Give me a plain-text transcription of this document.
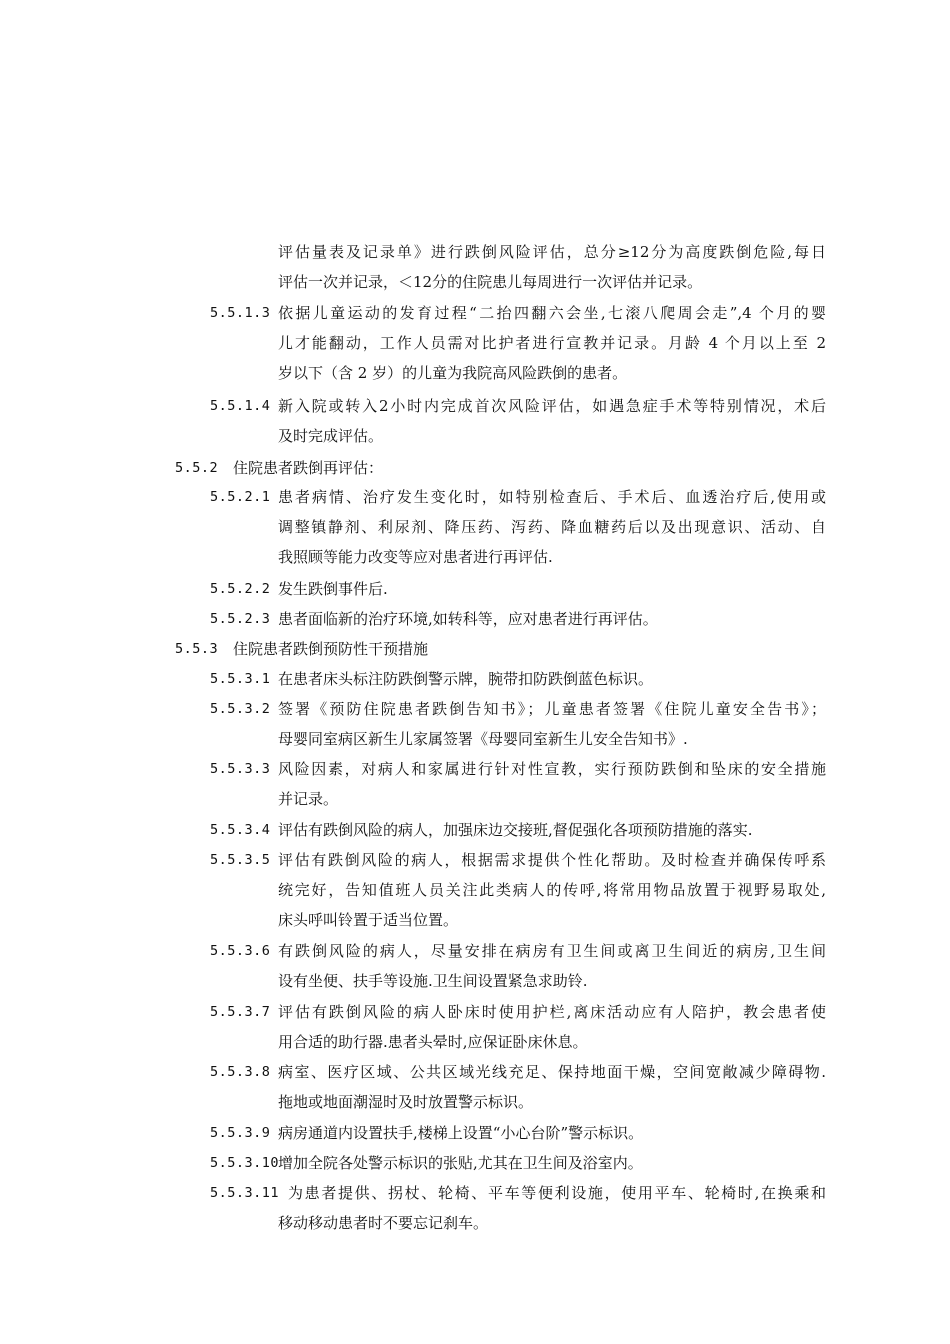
评估量表及记录单》进行跌倒风险评估，总分≥12分为高度跌倒危险,每日
评估一次并记录，＜12分的住院患儿每周进行一次评估并记录。
5.5.1.3 依据儿童运动的发育过程“二抬四翻六会坐,七滚八爬周会走”,4 个月的婴
儿才能翻动，工作人员需对比护者进行宣教并记录。月龄 4 个月以上至 2
岁以下（含 2 岁）的儿童为我院高风险跌倒的患者。
5.5.1.4 新入院或转入2小时内完成首次风险评估，如遇急症手术等特别情况，术后
及时完成评估。
5.5.2 住院患者跌倒再评估：
5.5.2.1 患者病情、治疗发生变化时，如特别检查后、手术后、血透治疗后,使用或
调整镇静剂、利尿剂、降压药、泻药、降血糖药后以及出现意识、活动、自
我照顾等能力改变等应对患者进行再评估.
5.5.2.2 发生跌倒事件后.
5.5.2.3 患者面临新的治疗环境,如转科等，应对患者进行再评估。
5.5.3 住院患者跌倒预防性干预措施
5.5.3.1 在患者床头标注防跌倒警示牌，腕带扣防跌倒蓝色标识。
5.5.3.2 签署《预防住院患者跌倒告知书》；儿童患者签署《住院儿童安全告书》；
母婴同室病区新生儿家属签署《母婴同室新生儿安全告知书》.
5.5.3.3 风险因素，对病人和家属进行针对性宣教，实行预防跌倒和坠床的安全措施
并记录。
5.5.3.4 评估有跌倒风险的病人，加强床边交接班,督促强化各项预防措施的落实.
5.5.3.5 评估有跌倒风险的病人，根据需求提供个性化帮助。及时检查并确保传呼系
统完好，告知值班人员关注此类病人的传呼,将常用物品放置于视野易取处,
床头呼叫铃置于适当位置。
5.5.3.6 有跌倒风险的病人，尽量安排在病房有卫生间或离卫生间近的病房,卫生间
设有坐便、扶手等设施.卫生间设置紧急求助铃.
5.5.3.7 评估有跌倒风险的病人卧床时使用护栏,离床活动应有人陪护，教会患者使
用合适的助行器.患者头晕时,应保证卧床休息。
5.5.3.8 病室、医疗区域、公共区域光线充足、保持地面干燥，空间宽敞减少障碍物.
拖地或地面潮湿时及时放置警示标识。
5.5.3.9 病房通道内设置扶手,楼梯上设置“小心台阶”警示标识。
5.5.3.10
增加全院各处警示标识的张贴,尤其在卫生间及浴室内。
5.5.3.11 为患者提供、拐杖、轮椅、平车等便利设施，使用平车、轮椅时,在换乘和
移动移动患者时不要忘记刹车。
